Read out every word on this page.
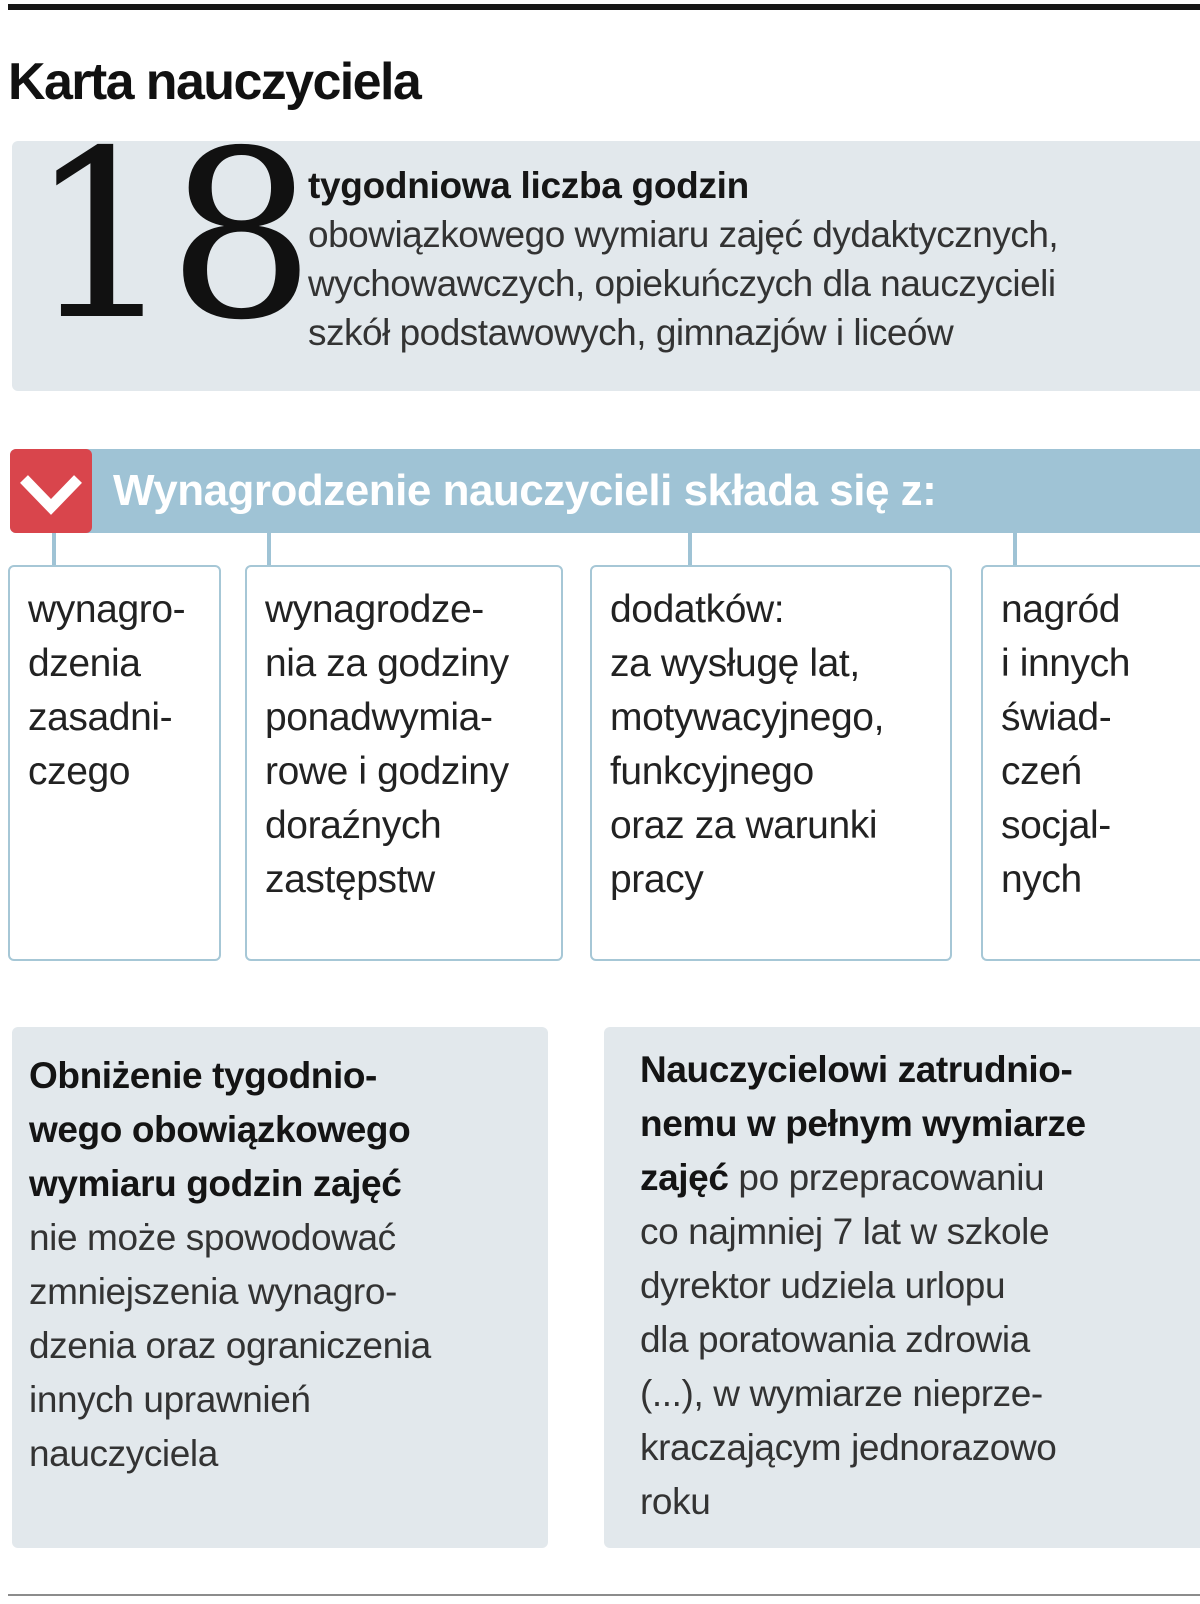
Karta nauczyciela
18 tygodniowa liczba godzin
obowiązkowego wymiaru zajęć dydaktycznych,
wychowawczych, opiekuńczych dla nauczycieli
szkół podstawowych, gimnazjów i liceów
Wynagrodzenie nauczycieli składa się z:

wynagro-
dzenia
zasadni-
czego

wynagrodze-
nia za godziny
ponadwymia-
rowe i godziny
doraźnych
zastępstw

dodatków:
za wysługę lat,
motywacyjnego,
funkcyjnego
oraz za warunki
pracy

nagród
i innych
świad-
czeń
socjal-
nych

Obniżenie tygodnio-
wego obowiązkowego
wymiaru godzin zajęć
nie może spowodować
zmniejszenia wynagro-
dzenia oraz ograniczenia
innych uprawnień
nauczyciela

Nauczycielowi zatrudnio-
nemu w pełnym wymiarze
zajęć po przepracowaniu
co najmniej 7 lat w szkole
dyrektor udziela urlopu
dla poratowania zdrowia
(...), w wymiarze nieprze-
kraczającym jednorazowo
roku
